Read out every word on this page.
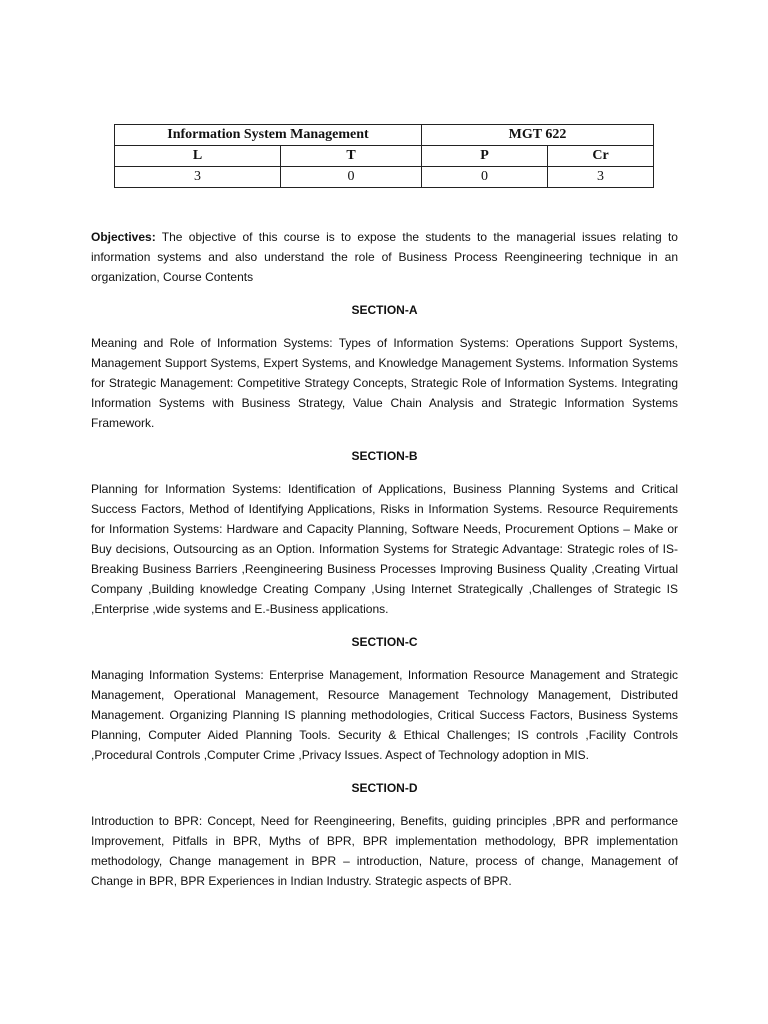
Information System Management		MGT 622	
L	T	P	Cr
3	0	0	3

Objectives: The objective of this course is to expose the students to the managerial issues relating to information systems and also understand the role of Business Process Reengineering technique in an organization, Course Contents

SECTION-A

Meaning and Role of Information Systems: Types of Information Systems: Operations Support Systems, Management Support Systems, Expert Systems, and Knowledge Management Systems. Information Systems for Strategic Management: Competitive Strategy Concepts, Strategic Role of Information Systems. Integrating Information Systems with Business Strategy, Value Chain Analysis and Strategic Information Systems Framework.

SECTION-B

Planning for Information Systems: Identification of Applications, Business Planning Systems and Critical Success Factors, Method of Identifying Applications, Risks in Information Systems. Resource Requirements for Information Systems: Hardware and Capacity Planning, Software Needs, Procurement Options – Make or Buy decisions, Outsourcing as an Option. Information Systems for Strategic Advantage: Strategic roles of IS-Breaking Business Barriers ,Reengineering Business Processes Improving Business Quality ,Creating Virtual Company ,Building knowledge Creating Company ,Using Internet Strategically ,Challenges of Strategic IS ,Enterprise ,wide systems and E.-Business applications.

SECTION-C

Managing Information Systems: Enterprise Management, Information Resource Management and Strategic Management, Operational Management, Resource Management Technology Management, Distributed Management. Organizing Planning IS planning methodologies, Critical Success Factors, Business Systems Planning, Computer Aided Planning Tools. Security & Ethical Challenges; IS controls ,Facility Controls ,Procedural Controls ,Computer Crime ,Privacy Issues. Aspect of Technology adoption in MIS.

SECTION-D

Introduction to BPR: Concept, Need for Reengineering, Benefits, guiding principles ,BPR and performance Improvement, Pitfalls in BPR, Myths of BPR, BPR implementation methodology, BPR implementation methodology, Change management in BPR – introduction, Nature, process of change, Management of Change in BPR, BPR Experiences in Indian Industry. Strategic aspects of BPR.
